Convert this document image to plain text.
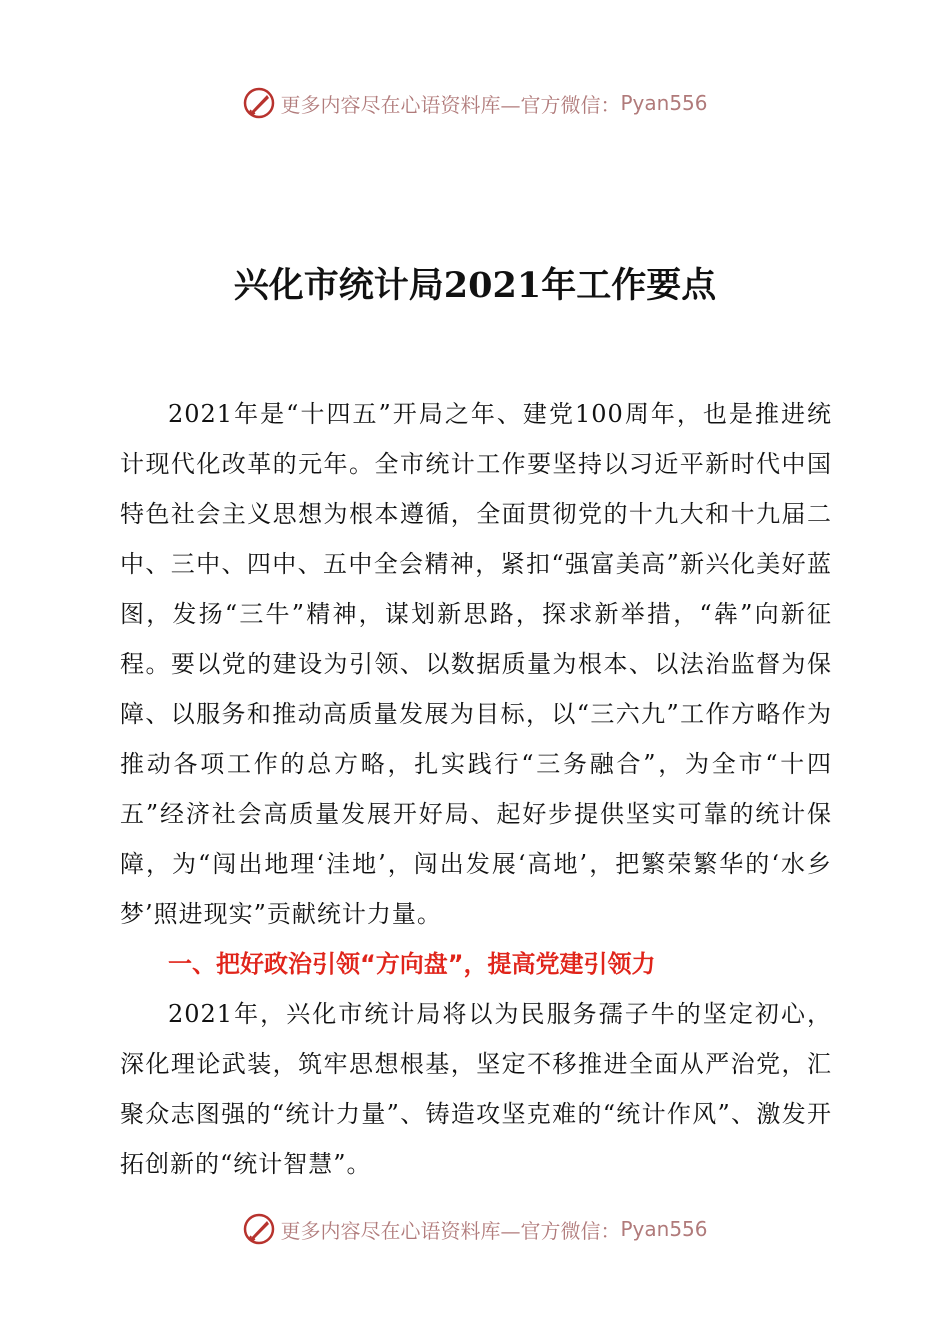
更多内容尽在心语资料库—官方微信： Pyan556
兴化市统计局2021年工作要点

2021年是“十四五”开局之年、建党100周年，也是推进统计现代化改革的元年。全市统计工作要坚持以习近平新时代中国特色社会主义思想为根本遵循，全面贯彻党的十九大和十九届二中、三中、四中、五中全会精神，紧扣“强富美高”新兴化美好蓝图，发扬“三牛”精神，谋划新思路，探求新举措，“犇”向新征程。要以党的建设为引领、以数据质量为根本、以法治监督为保障、以服务和推动高质量发展为目标，以“三六九”工作方略作为推动各项工作的总方略，扎实践行“三务融合”，为全市“十四五”经济社会高质量发展开好局、起好步提供坚实可靠的统计保障，为“闯出地理‘洼地’，闯出发展‘高地’，把繁荣繁华的‘水乡梦’照进现实”贡献统计力量。

一、把好政治引领“方向盘”，提高党建引领力

2021年，兴化市统计局将以为民服务孺子牛的坚定初心，深化理论武装，筑牢思想根基，坚定不移推进全面从严治党，汇聚众志图强的“统计力量”、铸造攻坚克难的“统计作风”、激发开拓创新的“统计智慧”。

更多内容尽在心语资料库—官方微信： Pyan556
